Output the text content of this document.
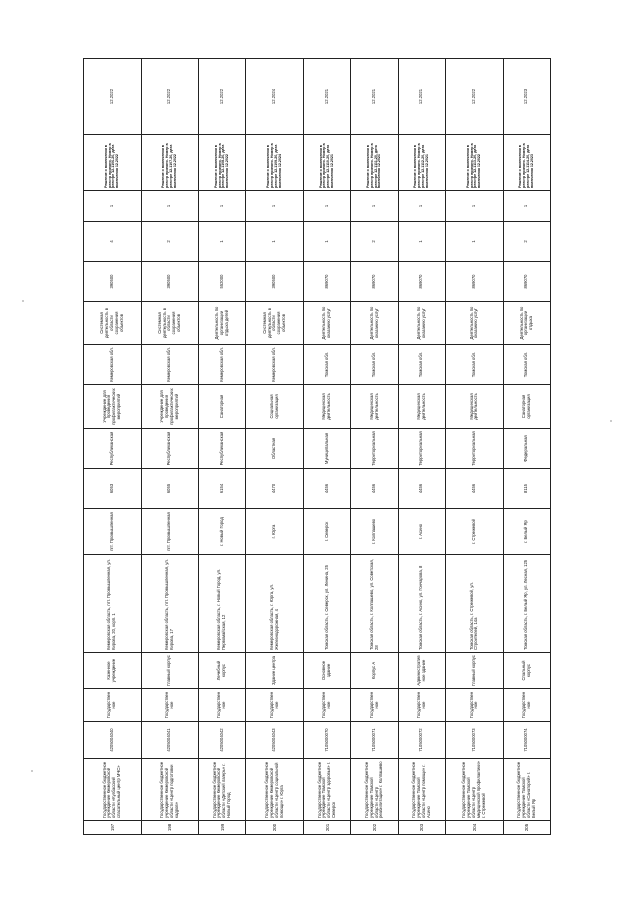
197	Государственное бюджетное учреждение Кемеровской области «Кузбасский спасательный центр МЧС»	4205004040	Государственное	Казенное учреждение	Кемеровская область, пгт. Промышленная, ул. Кирова, 20, корп. 1	пгт. Промышленная	6053	Республиканская	Учреждение для проведения профилактических мероприятий	Кемеровская обл.	Системная деятельность в области сохранения объектов	390500	4	1	Решение о включении в реестр принято. Номер в реестре 12-1106-20, дата включения 12.2022	12.2022
198	Государственное бюджетное учреждение Кемеровской области «Центр подготовки кадров»	4205004041	Государственное	Главный корпус	Кемеровская область, пгт. Промышленная, ул. Кирова, 17	пгт. Промышленная	6055	Республиканская	Учреждение для проведения профилактических мероприятий	Кемеровская обл.	Системная деятельность в области сохранения объектов	390500	2	1	Решение о включении в реестр принято. Номер в реестре 12-1107-20, дата включения 12.2022	12.2022
199	Государственное бюджетное учреждение Кемеровской области «Детский лагерь» г. Новый Город	4205004042	Государственное	Лечебный корпус	Кемеровская область, г. Новый Город, ул. Первомайская, 12	г. Новый Город	6154	Республиканская	Санаторная	Кемеровская обл.	Деятельность по организации отдыха детей	552000	1	1	Решение о включении в реестр принято. Номер в реестре 12-1108-20, дата включения 12.2022	12.2022
200	Государственное бюджетное учреждение Кемеровской области «Центр социальной помощи» г. Юрга	4205004043	Государственное	Здание центра	Кемеровская область, г. Юрга, ул. Железнодорожная, 4	г. Юрга	4470	Областная	Социальная организация	Кемеровская обл.	Системная деятельность в области сохранения объектов	390500	1	1	Решение о включении в реестр принято. Номер в реестре 12-1109-20, дата включения 12.2024	12.2024
201	Государственное бюджетное учреждение Томской области «Центр здоровья» г. Северск	7105000070	Государственное	Основное здание	Томская область, г. Северск, ул. Ленина, 25	г. Северск	4456	Муниципальная	Медицинская деятельность	Томская обл.	Деятельность по оказанию услуг	869070	1	1	Решение о включении в реестр принято. Номер в реестре 12-1110-20, дата включения 12.2021	12.2021
202	Государственное бюджетное учреждение Томской области «Центр реабилитации» г. Колпашево	7105000071	Государственное	Корпус А	Томская область, г. Колпашево, ул. Советская, 28	г. Колпашево	4456	Территориальная	Медицинская деятельность	Томская обл.	Деятельность по оказанию услуг	869070	2	1	Решение о включении в реестр принято. Номер в реестре 12-1111-20, дата включения 12.2021	12.2021
203	Государственное бюджетное учреждение Томской области «Центр помощи» г. Асино	7105000072	Государственное	Административное здание	Томская область, г. Асино, ул. Гончарова, 8	г. Асино	4456	Территориальная	Медицинская деятельность	Томская обл.	Деятельность по оказанию услуг	869070	1	1	Решение о включении в реестр принято. Номер в реестре 12-1112-20, дата включения 12.2021	12.2021
204	Государственное бюджетное учреждение Томской области «Центр медицинской профилактики» г. Стрежевой	7105000073	Государственное	Главный корпус	Томская область, г. Стрежевой, ул. Строителей, 14а	г. Стрежевой	4456	Территориальная	Медицинская деятельность	Томская обл.	Деятельность по оказанию услуг	869070	1	1	Решение о включении в реестр принято. Номер в реестре 12-1113-20, дата включения 12.2022	12.2022
205	Государственное бюджетное учреждение Томской области «Санаторий» г. Белый Яр	7105000074	Государственное	Спальный корпус	Томская область, г. Белый Яр, ул. Лесная, 125	г. Белый Яр	8115	Федеральная	Санаторная организация	Томская обл.	Деятельность по организации отдыха	869070	2	1	Решение о включении в реестр принято. Номер в реестре 12-1114-20, дата включения 12.2023	12.2023
